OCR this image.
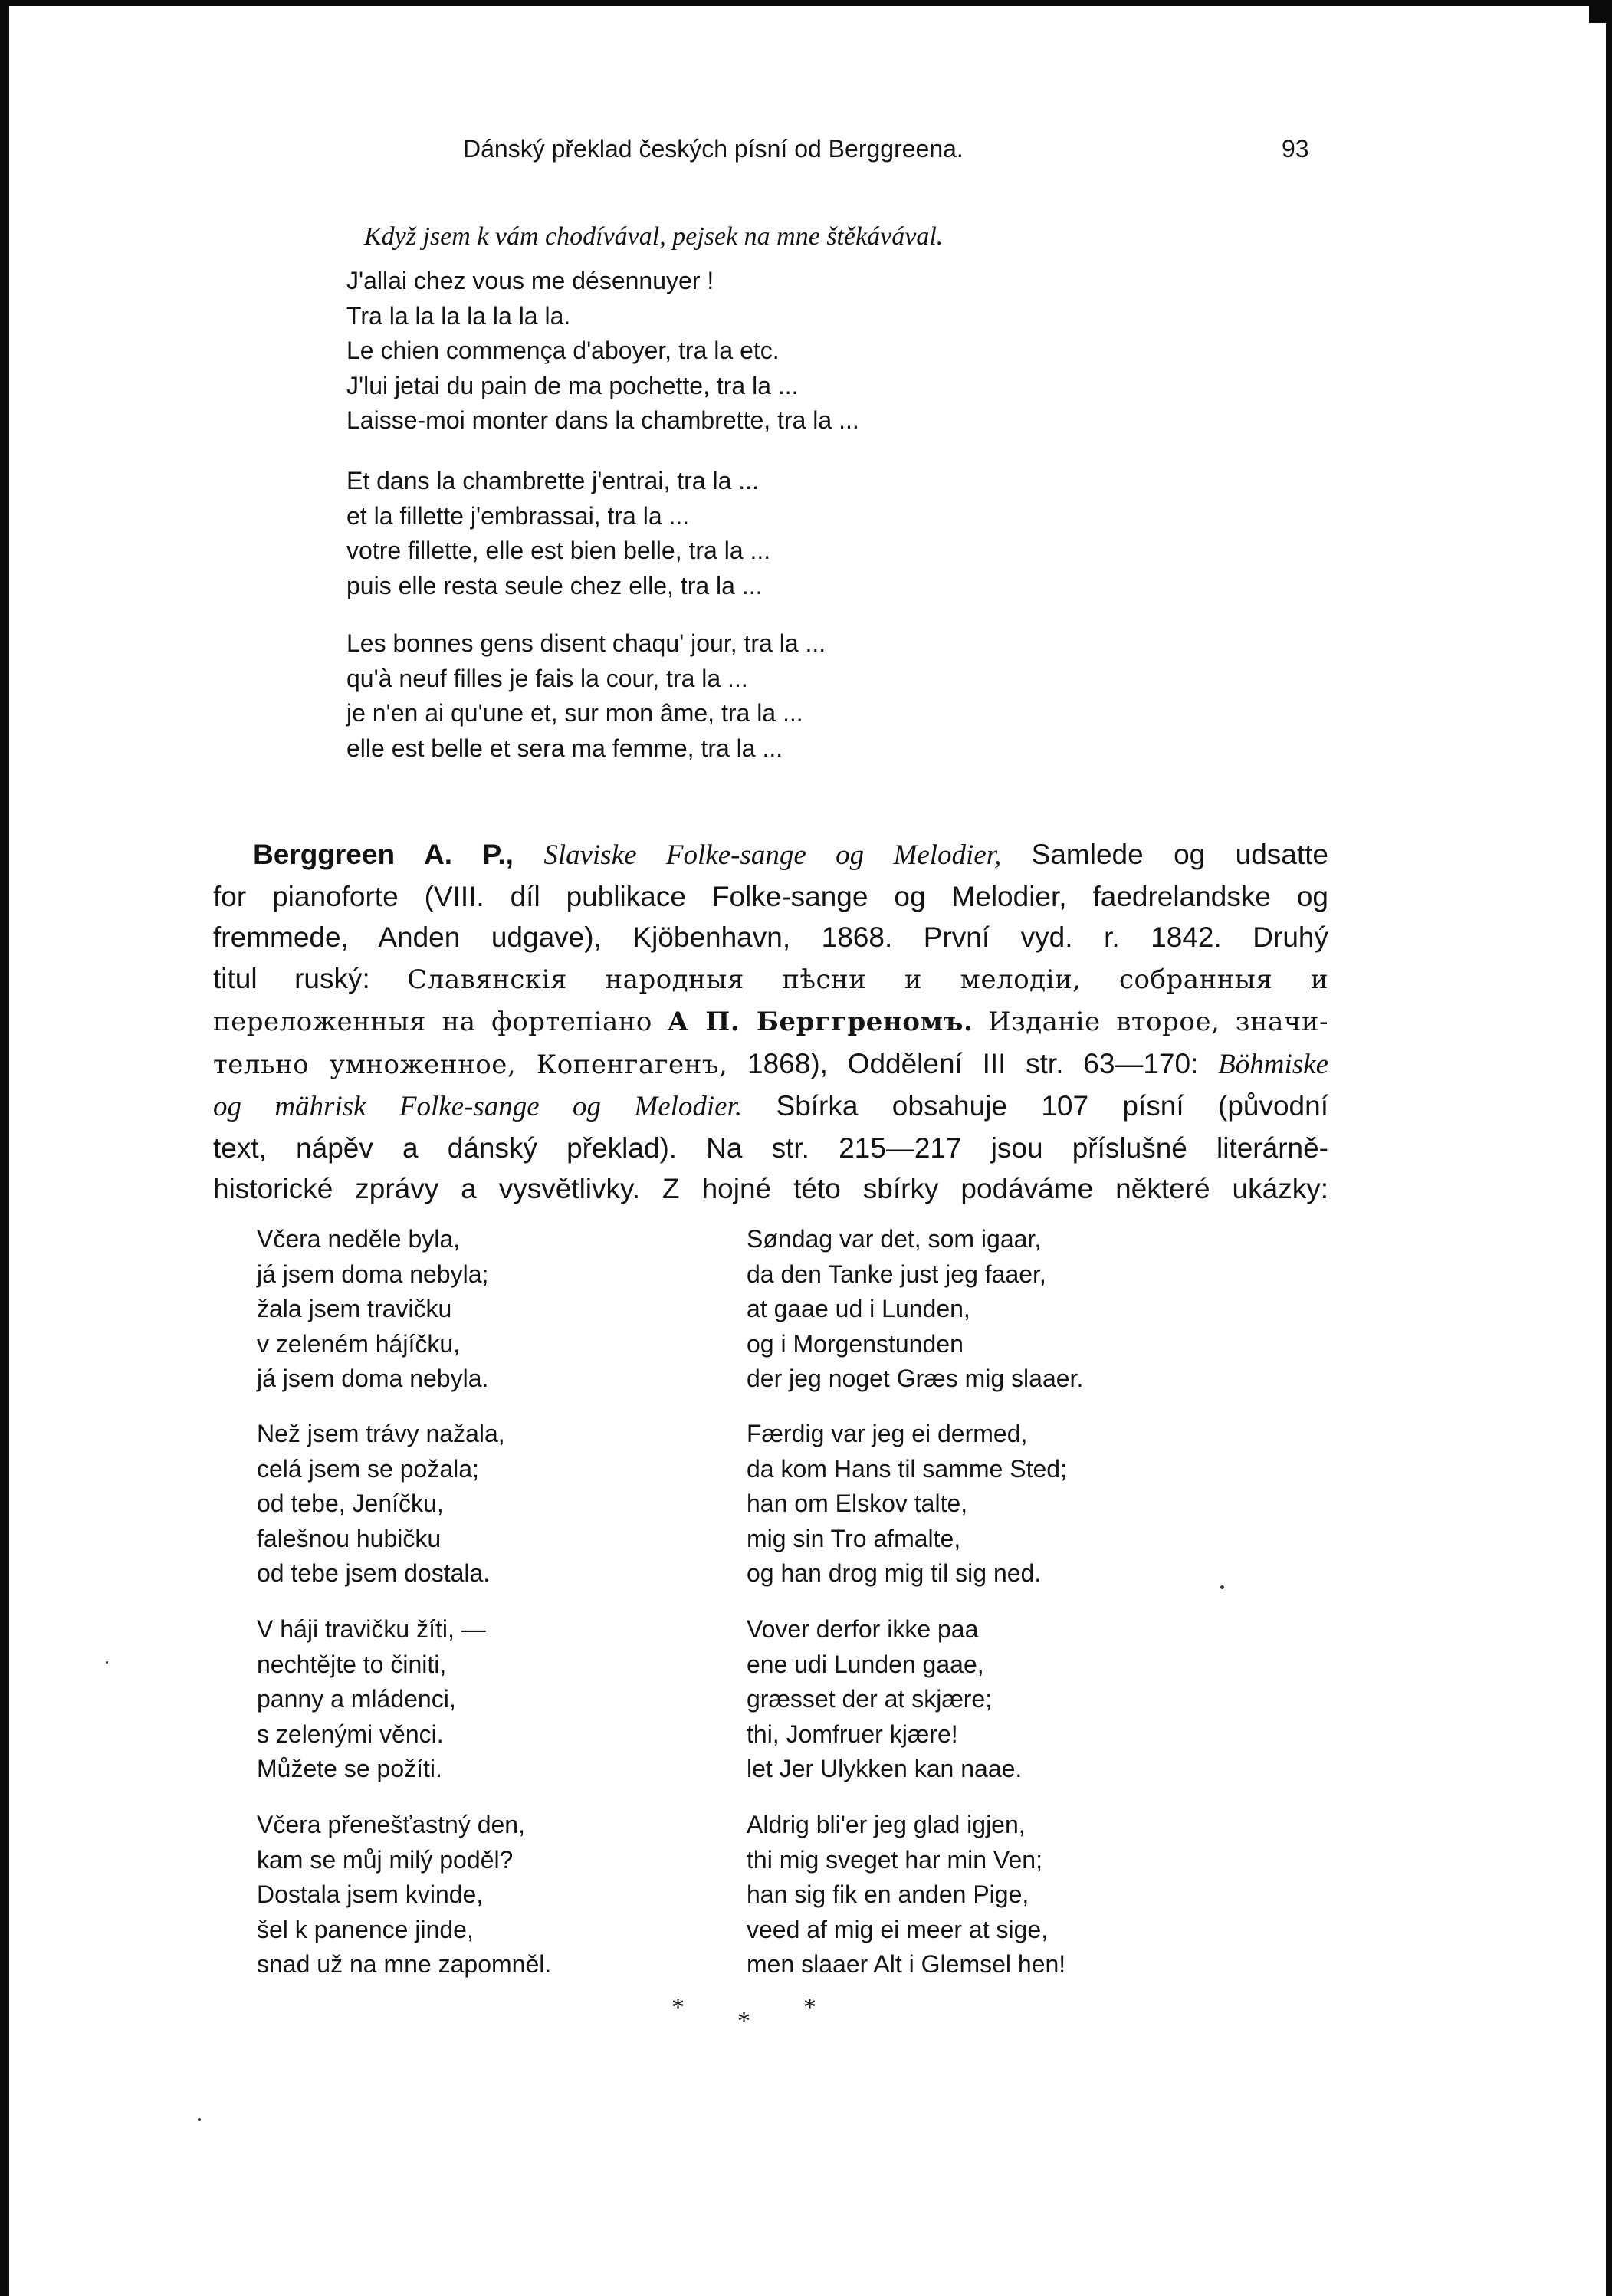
Dánský překlad českých písní od Berggreena.	93
Když jsem k vám chodívával, pejsek na mne štěkávával.
J'allai chez vous me désennuyer !
Tra la la la la la la la.
Le chien commença d'aboyer, tra la etc.
J'lui jetai du pain de ma pochette, tra la ...
Laisse-moi monter dans la chambrette, tra la ...
Et dans la chambrette j'entrai, tra la ...
et la fillette j'embrassai, tra la ...
votre fillette, elle est bien belle, tra la ...
puis elle resta seule chez elle, tra la ...
Les bonnes gens disent chaqu' jour, tra la ...
qu'à neuf filles je fais la cour, tra la ...
je n'en ai qu'une et, sur mon âme, tra la ...
elle est belle et sera ma femme, tra la ...
Berggreen A. P., Slaviske Folke-sange og Melodier, Samlede og udsatte
for pianoforte (VIII. díl publikace Folke-sange og Melodier, faedrelandske og
fremmede, Anden udgave), Kjöbenhavn, 1868. První vyd. r. 1842. Druhý
titul ruský: Славянскія народныя пѣсни и мелодіи, собранныя и
переложенныя на фортепіано А П. Берггреномъ. Изданіе второе, значи-
тельно умноженное, Копенгагенъ, 1868), Oddělení III str. 63—170: Böhmiske
og mährisk Folke-sange og Melodier. Sbírka obsahuje 107 písní (původní
text, nápěv a dánský překlad). Na str. 215—217 jsou příslušné literárně-
historické zprávy a vysvětlivky. Z hojné této sbírky podáváme některé ukázky:
Včera neděle byla,
já jsem doma nebyla;
žala jsem travičku
v zeleném hájíčku,
já jsem doma nebyla.
Než jsem trávy nažala,
celá jsem se požala;
od tebe, Jeníčku,
falešnou hubičku
od tebe jsem dostala.
V háji travičku žíti, —
nechtějte to činiti,
panny a mládenci,
s zelenými věnci.
Můžete se požíti.
Včera přenešťastný den,
kam se můj milý poděl?
Dostala jsem kvinde,
šel k panence jinde,
snad už na mne zapomněl.
Søndag var det, som igaar,
da den Tanke just jeg faaer,
at gaae ud i Lunden,
og i Morgenstunden
der jeg noget Græs mig slaaer.
Færdig var jeg ei dermed,
da kom Hans til samme Sted;
han om Elskov talte,
mig sin Tro afmalte,
og han drog mig til sig ned.
Vover derfor ikke paa
ene udi Lunden gaae,
græsset der at skjære;
thi, Jomfruer kjære!
let Jer Ulykken kan naae.
Aldrig bli'er jeg glad igjen,
thi mig sveget har min Ven;
han sig fik en anden Pige,
veed af mig ei meer at sige,
men slaaer Alt i Glemsel hen!
* * *
